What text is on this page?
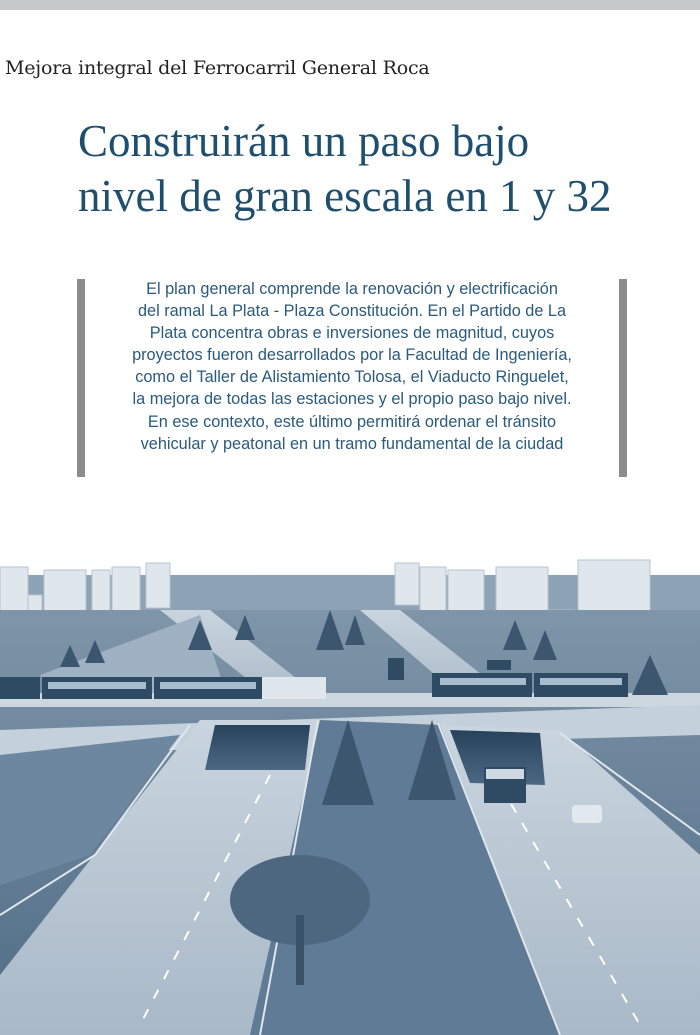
Mejora integral del Ferrocarril General Roca
Construirán un paso bajo
nivel de gran escala en 1 y 32
El plan general comprende la renovación y electrificación
del ramal La Plata - Plaza Constitución. En el Partido de La
Plata concentra obras e inversiones de magnitud, cuyos
proyectos fueron desarrollados por la Facultad de Ingeniería,
como el Taller de Alistamiento Tolosa, el Viaducto Ringuelet,
la mejora de todas las estaciones y el propio paso bajo nivel.
En ese contexto, este último permitirá ordenar el tránsito
vehicular y peatonal en un tramo fundamental de la ciudad
